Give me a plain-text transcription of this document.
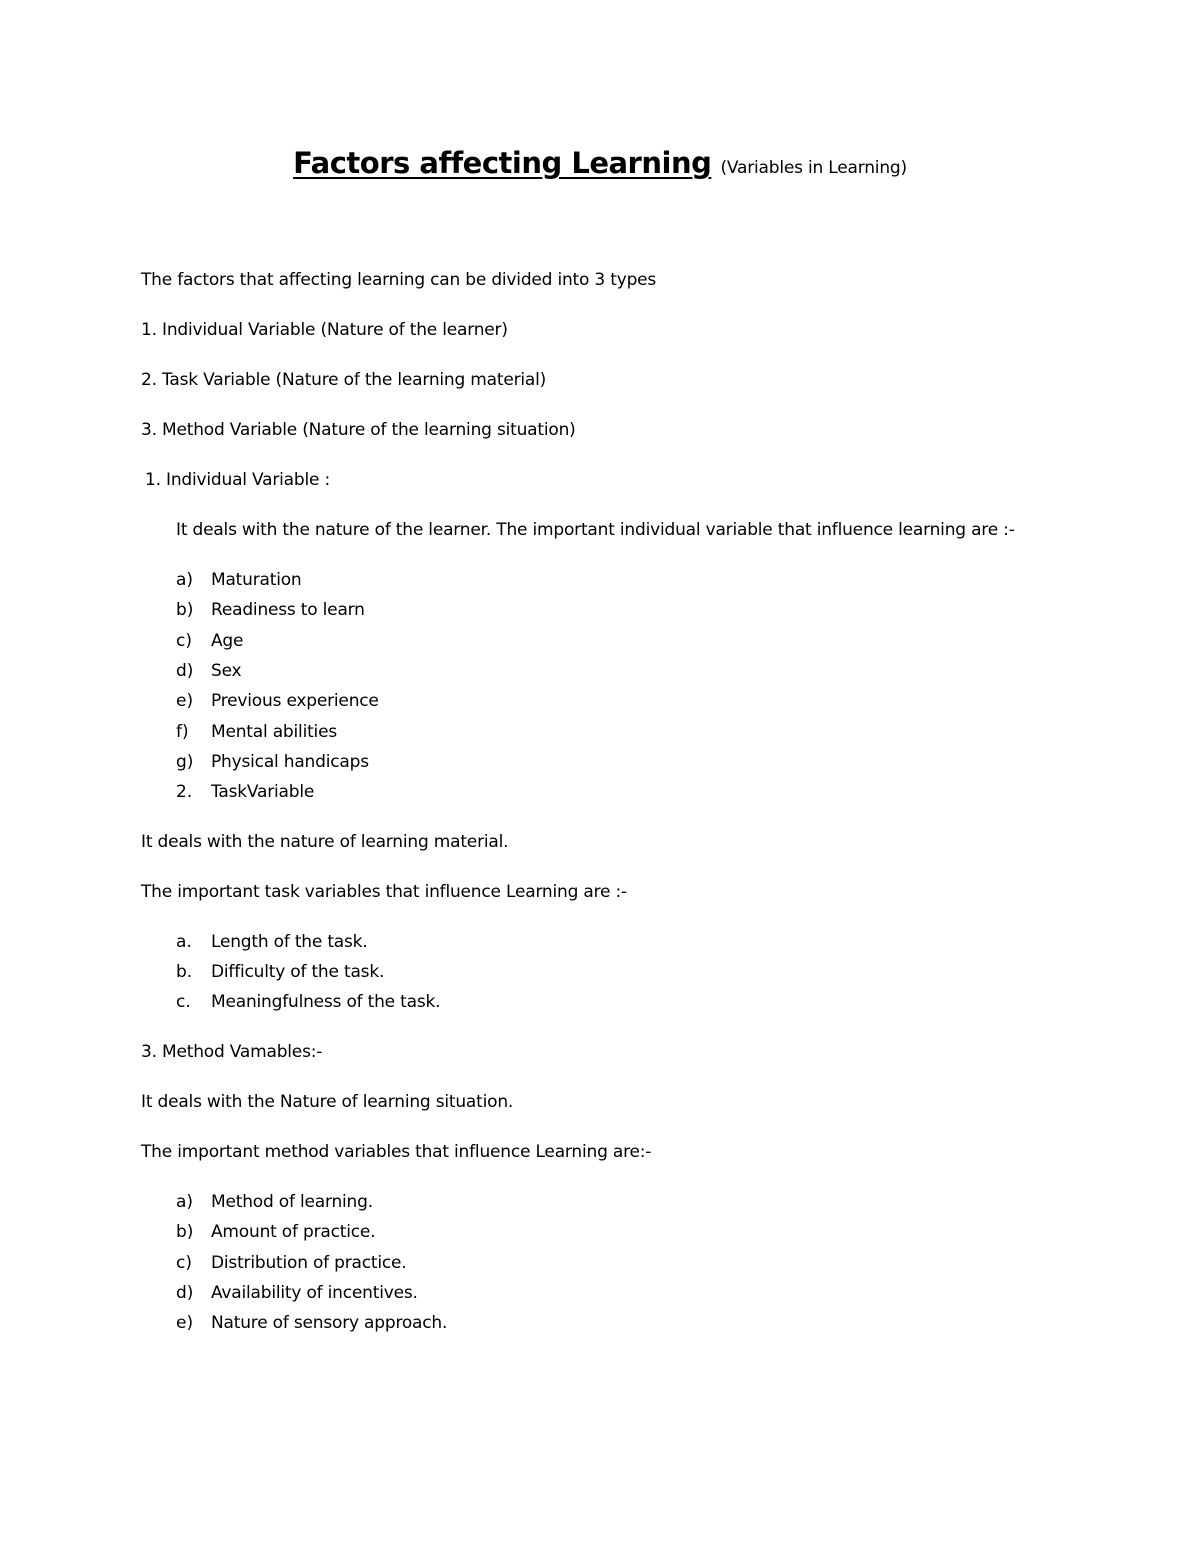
Factors affecting Learning (Variables in Learning)
The factors that affecting learning can be divided into 3 types
1. Individual Variable (Nature of the learner)
2. Task Variable (Nature of the learning material)
3. Method Variable (Nature of the learning situation)
1. Individual Variable :
It deals with the nature of the learner. The important individual variable that influence learning are :-
a) Maturation
b) Readiness to learn
c) Age
d) Sex
e) Previous experience
f) Mental abilities
g) Physical handicaps
2. TaskVariable
It deals with the nature of learning material.
The important task variables that influence Learning are :-
a. Length of the task.
b. Difficulty of the task.
c. Meaningfulness of the task.
3. Method Vamables:-
It deals with the Nature of learning situation.
The important method variables that influence Learning are:-
a) Method of learning.
b) Amount of practice.
c) Distribution of practice.
d) Availability of incentives.
e) Nature of sensory approach.
